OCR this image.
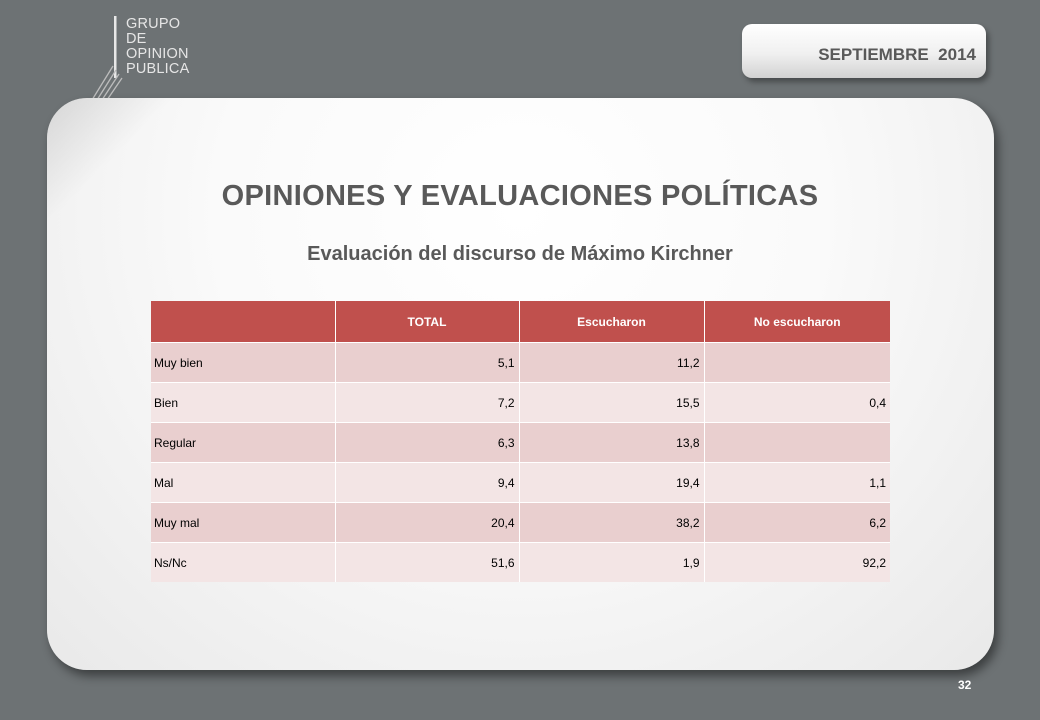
GRUPO
DE
OPINION
PUBLICA
SEPTIEMBRE  2014
OPINIONES Y EVALUACIONES POLÍTICAS
Evaluación del discurso de Máximo Kirchner
	TOTAL	Escucharon	No escucharon
Muy bien	5,1	11,2	
Bien	7,2	15,5	0,4
Regular	6,3	13,8	
Mal	9,4	19,4	1,1
Muy mal	20,4	38,2	6,2
Ns/Nc	51,6	1,9	92,2
32
